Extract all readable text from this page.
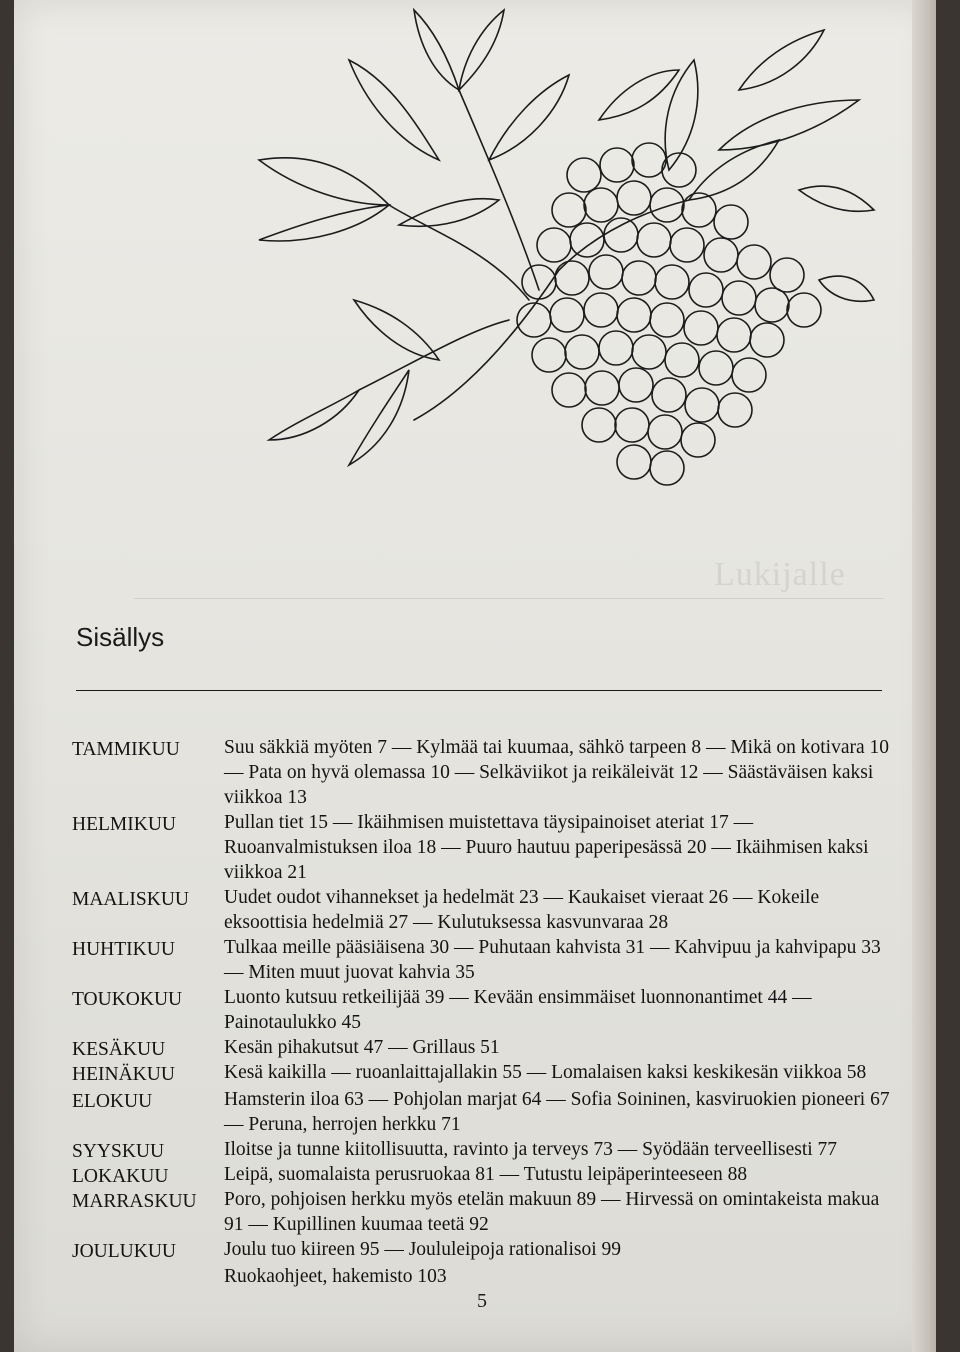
Lukijalle
Sisällys
TAMMIKUU	Suu säkkiä myöten 7 — Kylmää tai kuumaa, sähkö tarpeen 8 — Mikä on kotivara 10 — Pata on hyvä olemassa 10 — Selkäviikot ja reikäleivät 12 — Säästäväisen kaksi viikkoa 13
HELMIKUU	Pullan tiet 15 — Ikäihmisen muistettava täysipainoiset ateriat 17 — Ruoanvalmistuksen iloa 18 — Puuro hautuu paperipesässä 20 — Ikäihmisen kaksi viikkoa 21
MAALISKUU	Uudet oudot vihannekset ja hedelmät 23 — Kaukaiset vieraat 26 — Kokeile eksoottisia hedelmiä 27 — Kulutuksessa kasvunvaraa 28
HUHTIKUU	Tulkaa meille pääsiäisena 30 — Puhutaan kahvista 31 — Kahvipuu ja kahvipapu 33 — Miten muut juovat kahvia 35
TOUKOKUU	Luonto kutsuu retkeilijää 39 — Kevään ensimmäiset luonnonantimet 44 — Painotaulukko 45
KESÄKUU	Kesän pihakutsut 47 — Grillaus 51
HEINÄKUU	Kesä kaikilla — ruoanlaittajallakin 55 — Lomalaisen kaksi keskikesän viikkoa 58
ELOKUU	Hamsterin iloa 63 — Pohjolan marjat 64 — Sofia Soininen, kasviruokien pioneeri 67 — Peruna, herrojen herkku 71
SYYSKUU	Iloitse ja tunne kiitollisuutta, ravinto ja terveys 73 — Syödään terveellisesti 77
LOKAKUU	Leipä, suomalaista perusruokaa 81 — Tutustu leipäperinteeseen 88
MARRASKUU	Poro, pohjoisen herkku myös etelän makuun 89 — Hirvessä on omintakeista makua 91 — Kupillinen kuumaa teetä 92
JOULUKUU	Joulu tuo kiireen 95 — Joululeipoja rationalisoi 99
Ruokaohjeet, hakemisto 103
5
